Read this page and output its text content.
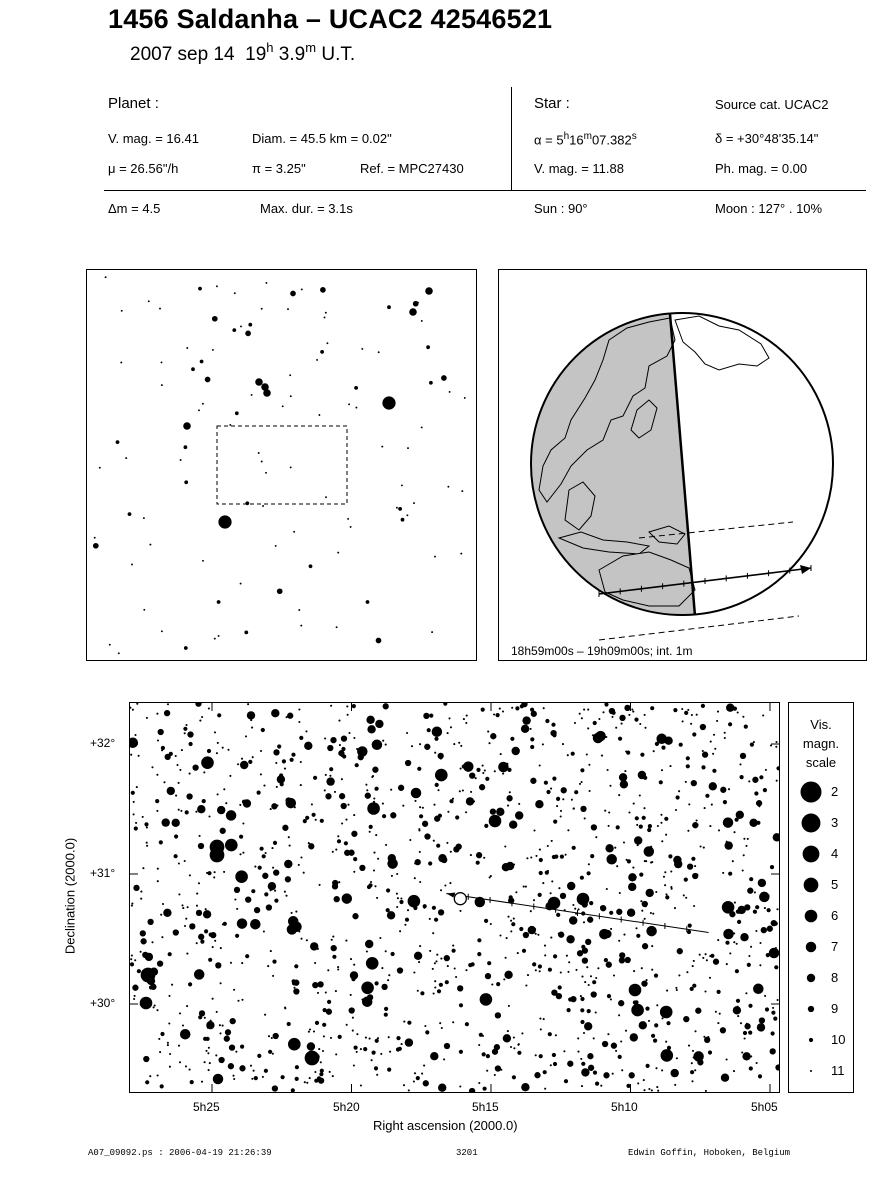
1456 Saldanha – UCAC2 42546521
2007 sep 14 19$^h$ 3.9$^m$ U.T.
Planet :
V. mag. = 16.41	Diam. = 45.5 km = 0.02"
μ = 26.56"/h	π = 3.25"	Ref. = MPC27430
Star :	Source cat. UCAC2
$\alpha = 5^h16^m07.382^s$	δ = +30°48'35.14"
V. mag. = 11.88	Ph. mag. = 0.00
Δm = 4.5	Max. dur. = 3.1s	Sun : 90°	Moon : 127° . 10%
18h59m00s – 19h09m00s; int. 1m
+32°
+31°
+30°
5h25	5h20	5h15	5h10	5h05
Right ascension (2000.0)
Declination (2000.0)
Vis.
magn.
scale
2
3
4
5
6
7
8
9
10
11
A07_09092.ps : 2006-04-19 21:26:39	3201	Edwin Goffin, Hoboken, Belgium
